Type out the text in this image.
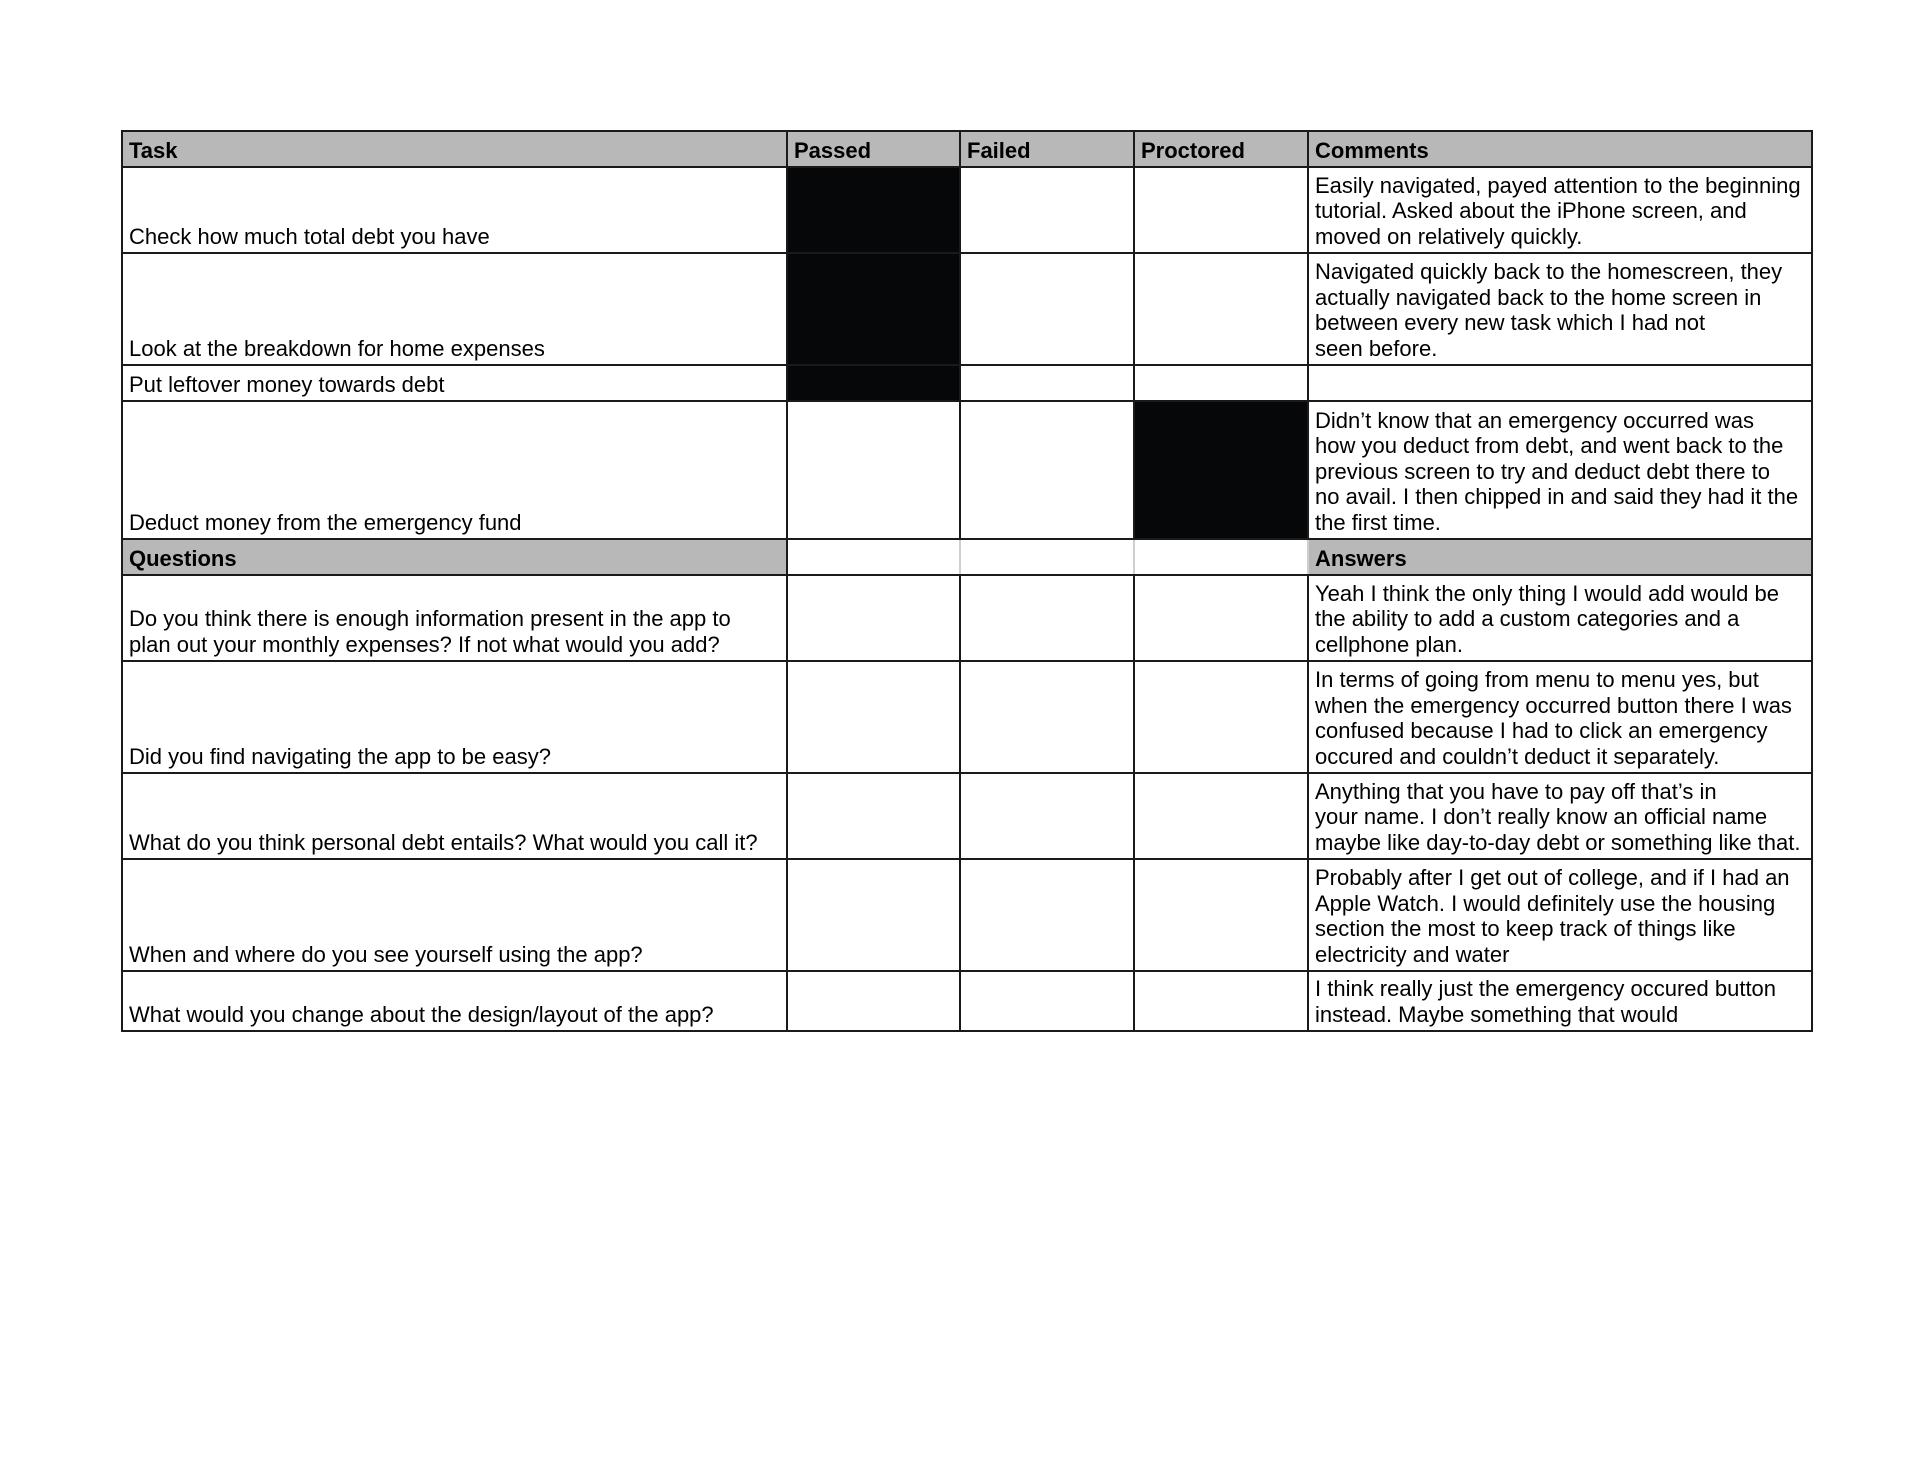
Task	Passed	Failed	Proctored	Comments
Check how much total debt you have				Easily navigated, payed attention to the beginning
tutorial. Asked about the iPhone screen, and
moved on relatively quickly.
Look at the breakdown for home expenses				Navigated quickly back to the homescreen, they
actually navigated back to the home screen in
between every new task which I had not
seen before.
Put leftover money towards debt				
Deduct money from the emergency fund				Didn’t know that an emergency occurred was
how you deduct from debt, and went back to the
previous screen to try and deduct debt there to
no avail. I then chipped in and said they had it the
the first time.
Questions				Answers
Do you think there is enough information present in the app to
plan out your monthly expenses? If not what would you add?				Yeah I think the only thing I would add would be
the ability to add a custom categories and a
cellphone plan.
Did you find navigating the app to be easy?				In terms of going from menu to menu yes, but
when the emergency occurred button there I was
confused because I had to click an emergency
occured and couldn’t deduct it separately.
What do you think personal debt entails? What would you call it?				Anything that you have to pay off that’s in
your name. I don’t really know an official name
maybe like day-to-day debt or something like that.
When and where do you see yourself using the app?				Probably after I get out of college, and if I had an
Apple Watch. I would definitely use the housing
section the most to keep track of things like
electricity and water
What would you change about the design/layout of the app?				I think really just the emergency occured button
instead. Maybe something that would
